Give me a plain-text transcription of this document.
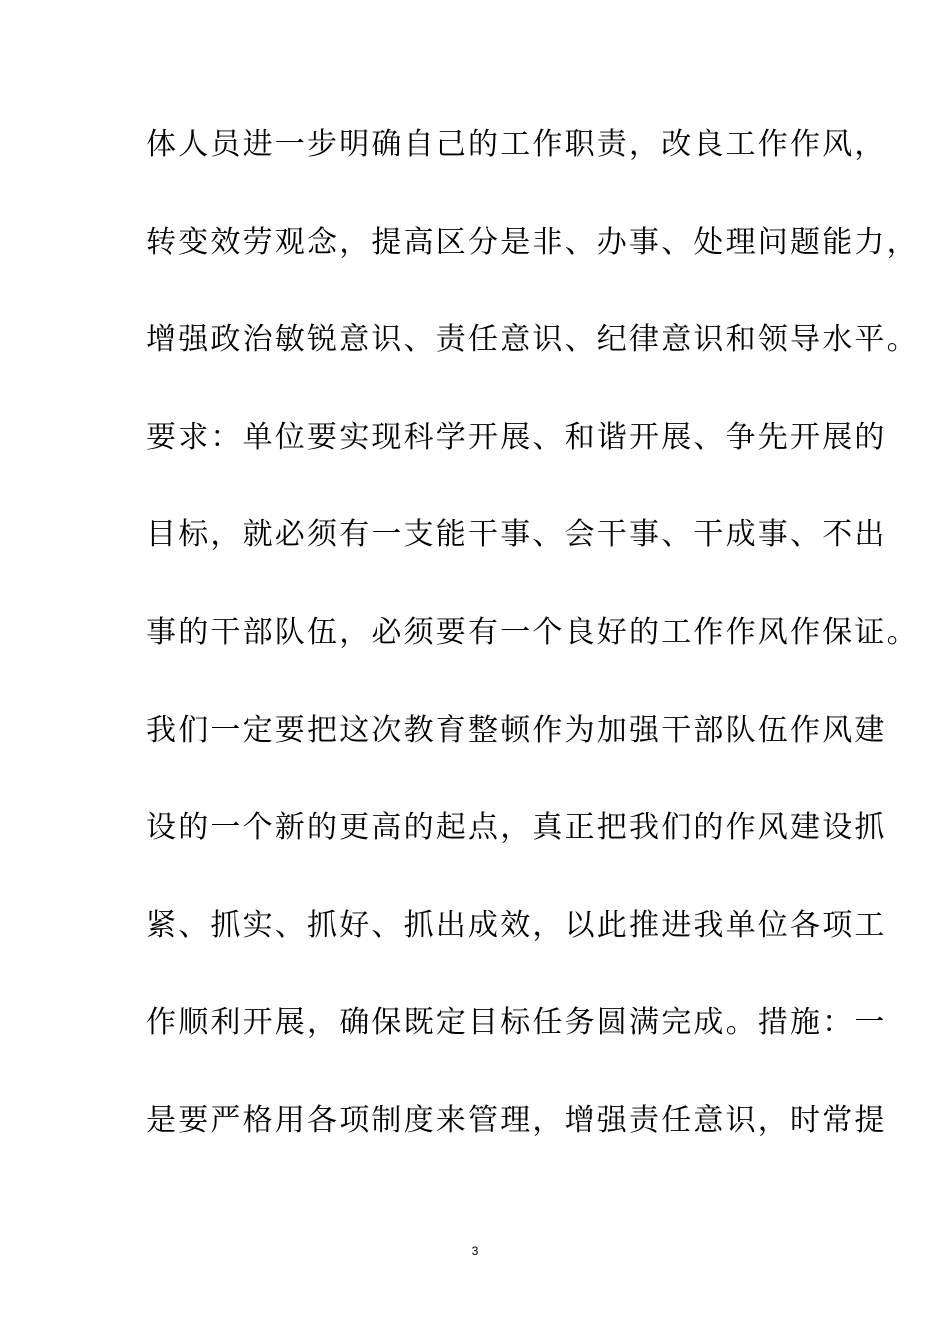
体人员进一步明确自己的工作职责，改良工作作风，
转变效劳观念，提高区分是非、办事、处理问题能力，
增强政治敏锐意识、责任意识、纪律意识和领导水平。
要求：单位要实现科学开展、和谐开展、争先开展的
目标，就必须有一支能干事、会干事、干成事、不出
事的干部队伍，必须要有一个良好的工作作风作保证。
我们一定要把这次教育整顿作为加强干部队伍作风建
设的一个新的更高的起点，真正把我们的作风建设抓
紧、抓实、抓好、抓出成效，以此推进我单位各项工
作顺利开展，确保既定目标任务圆满完成。措施：一
是要严格用各项制度来管理，增强责任意识，时常提
3
